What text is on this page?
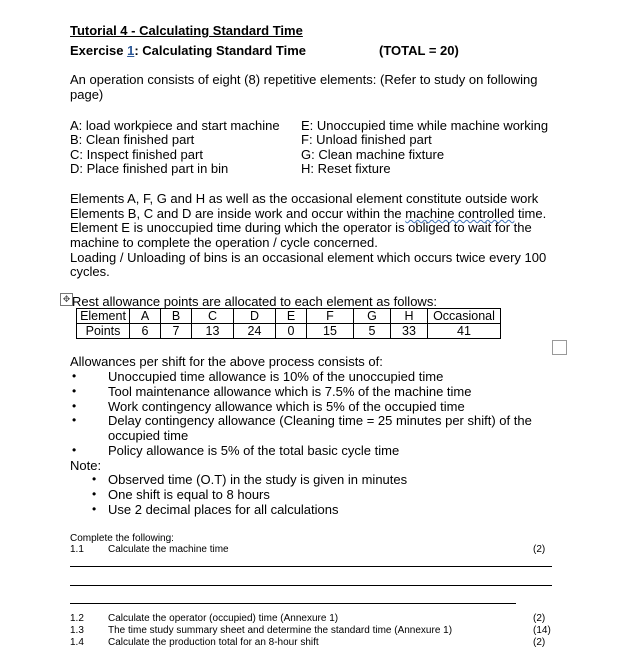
Tutorial 4 - Calculating Standard Time
Exercise 1: Calculating Standard Time	(TOTAL = 20)
An operation consists of eight (8) repetitive elements: (Refer to study on following
page)
A: load workpiece and start machine
B: Clean finished part
C: Inspect finished part
D: Place finished part in bin
E: Unoccupied time while machine working
F: Unload finished part
G: Clean machine fixture
H: Reset fixture
Elements A, F, G and H as well as the occasional element constitute outside work
Elements B, C and D are inside work and occur within the machine controlled time.
Element E is unoccupied time during which the operator is obliged to wait for the
machine to complete the operation / cycle concerned.
Loading / Unloading of bins is an occasional element which occurs twice every 100
cycles.
✥ Rest allowance points are allocated to each element as follows:
Element	A	B	C	D	E	F	G	H	Occasional
Points	6	7	13	24	0	15	5	33	41
Allowances per shift for the above process consists of:
• Unoccupied time allowance is 10% of the unoccupied time
• Tool maintenance allowance which is 7.5% of the machine time
• Work contingency allowance which is 5% of the occupied time
• Delay contingency allowance (Cleaning time = 25 minutes per shift) of the
occupied time
• Policy allowance is 5% of the total basic cycle time
Note:
• Observed time (O.T) in the study is given in minutes
• One shift is equal to 8 hours
• Use 2 decimal places for all calculations
Complete the following:
1.1 Calculate the machine time	(2)
1.2 Calculate the operator (occupied) time (Annexure 1)	(2)
1.3 The time study summary sheet and determine the standard time (Annexure 1)	(14)
1.4 Calculate the production total for an 8-hour shift	(2)
